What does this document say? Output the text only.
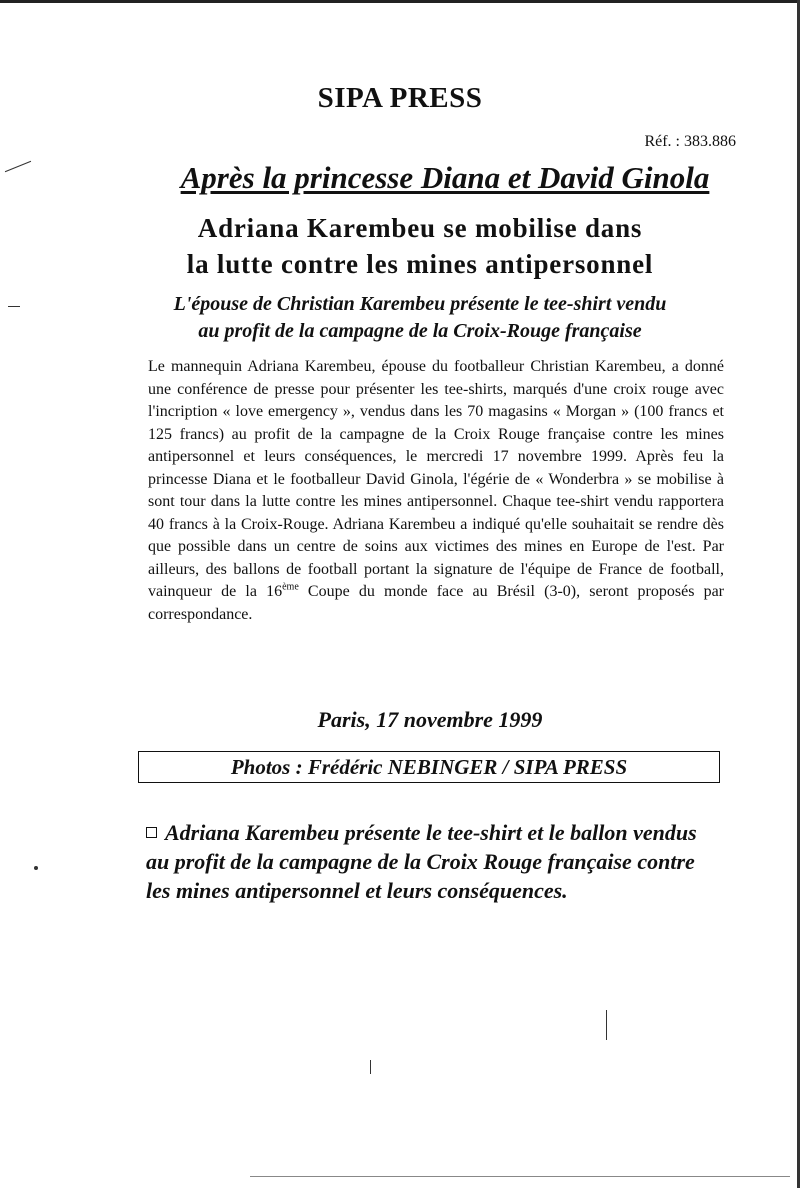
SIPA PRESS
Réf. : 383.886
Après la princesse Diana et David Ginola
Adriana Karembeu se mobilise dans
la lutte contre les mines antipersonnel
L'épouse de Christian Karembeu présente le tee-shirt vendu
au profit de la campagne de la Croix-Rouge française
Le mannequin Adriana Karembeu, épouse du footballeur Christian Karembeu, a donné une conférence de presse pour présenter les tee-shirts, marqués d'une croix rouge avec l'incription « love emergency », vendus dans les 70 magasins « Morgan » (100 francs et 125 francs) au profit de la campagne de la Croix Rouge française contre les mines antipersonnel et leurs conséquences, le mercredi 17 novembre 1999. Après feu la princesse Diana et le footballeur David Ginola, l'égérie de « Wonderbra » se mobilise à sont tour dans la lutte contre les mines antipersonnel. Chaque tee-shirt vendu rapportera 40 francs à la Croix-Rouge. Adriana Karembeu a indiqué qu'elle souhaitait se rendre dès que possible dans un centre de soins aux victimes des mines en Europe de l'est. Par ailleurs, des ballons de football portant la signature de l'équipe de France de football, vainqueur de la 16ème Coupe du monde face au Brésil (3-0), seront proposés par correspondance.
Paris, 17 novembre 1999
Photos : Frédéric NEBINGER / SIPA PRESS
Adriana Karembeu présente le tee-shirt et le ballon vendus au profit de la campagne de la Croix Rouge française contre les mines antipersonnel et leurs conséquences.
